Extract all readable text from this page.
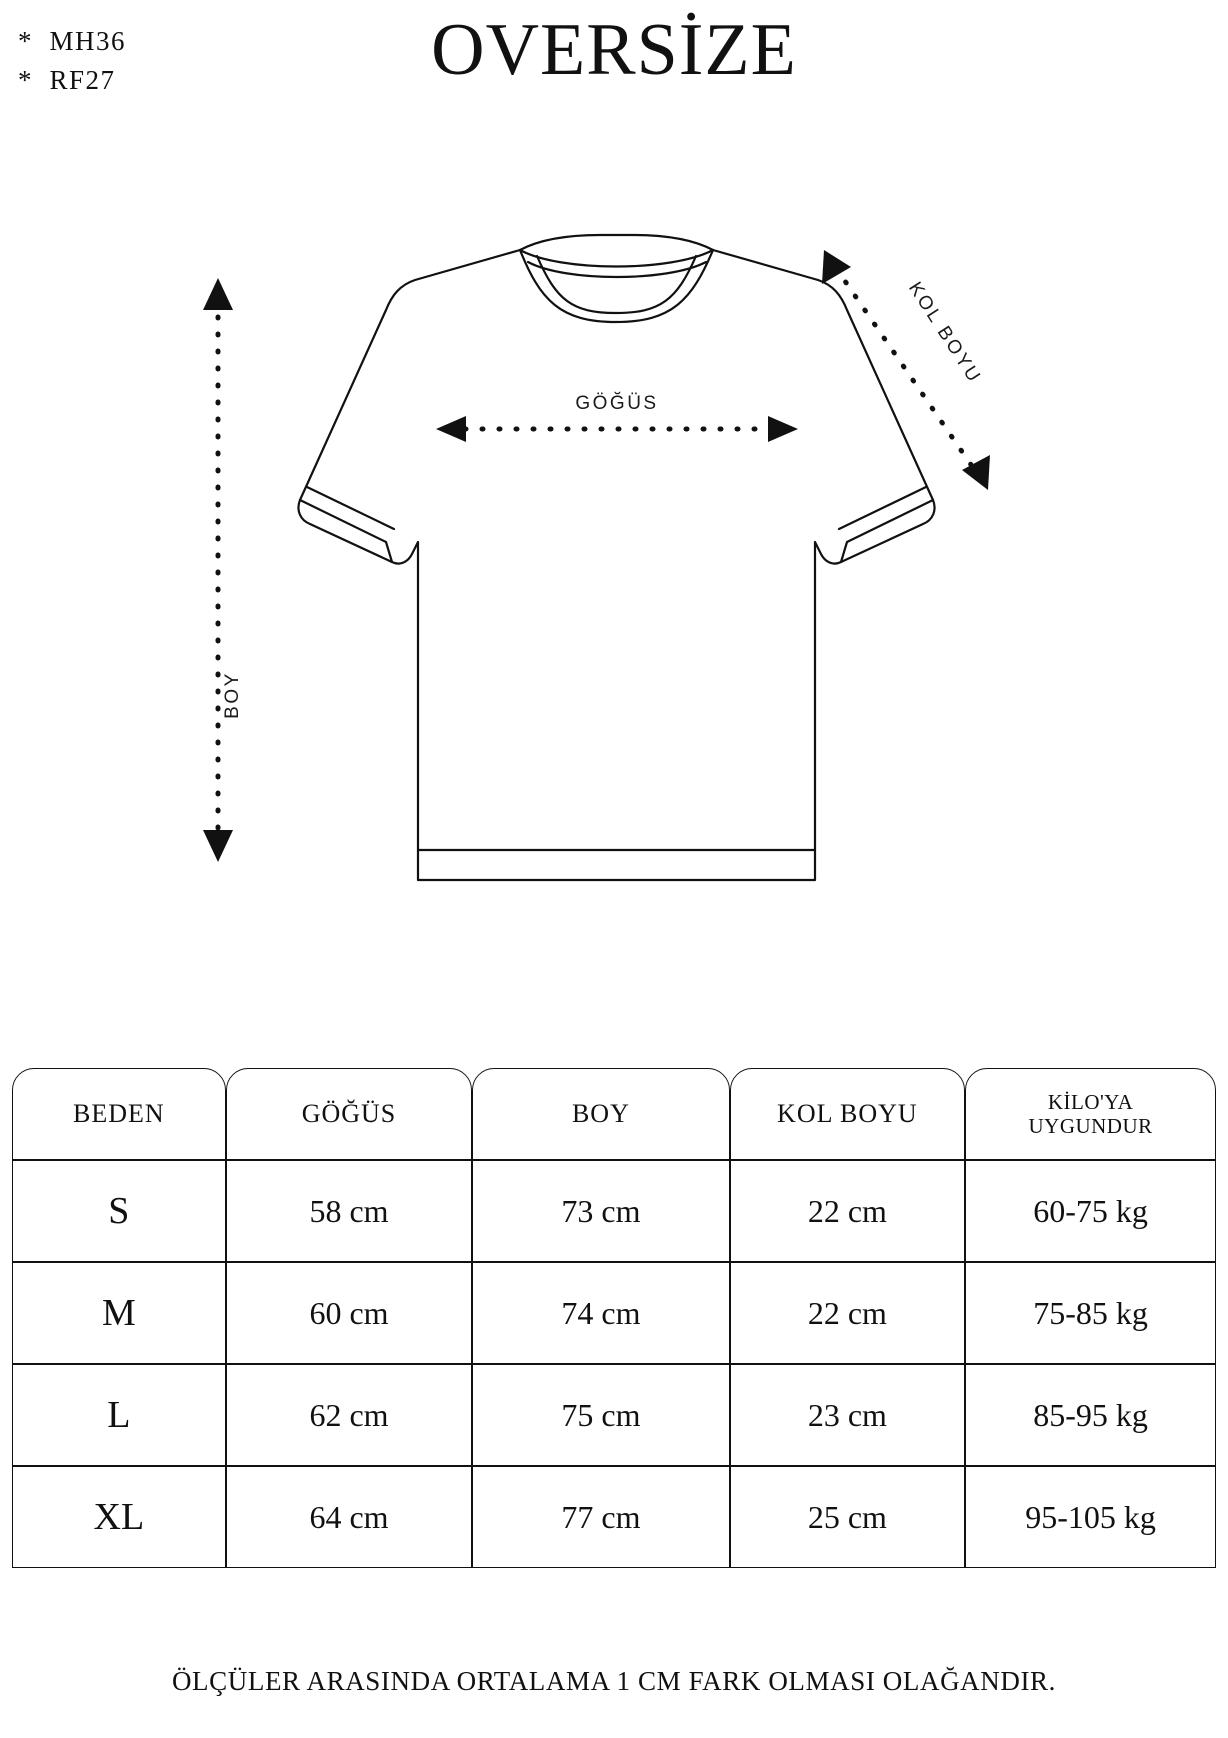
*  MH36
*  RF27	OVERSİZE
GÖĞÜS
BOY
KOL BOYU
BEDEN	GÖĞÜS	BOY	KOL BOYU	KİLO'YA
UYGUNDUR

S	58 cm	73 cm	22 cm	60-75 kg
M	60 cm	74 cm	22 cm	75-85 kg
L	62 cm	75 cm	23 cm	85-95 kg
XL	64 cm	77 cm	25 cm	95-105 kg
ÖLÇÜLER ARASINDA ORTALAMA 1 CM FARK OLMASI OLAĞANDIR.
